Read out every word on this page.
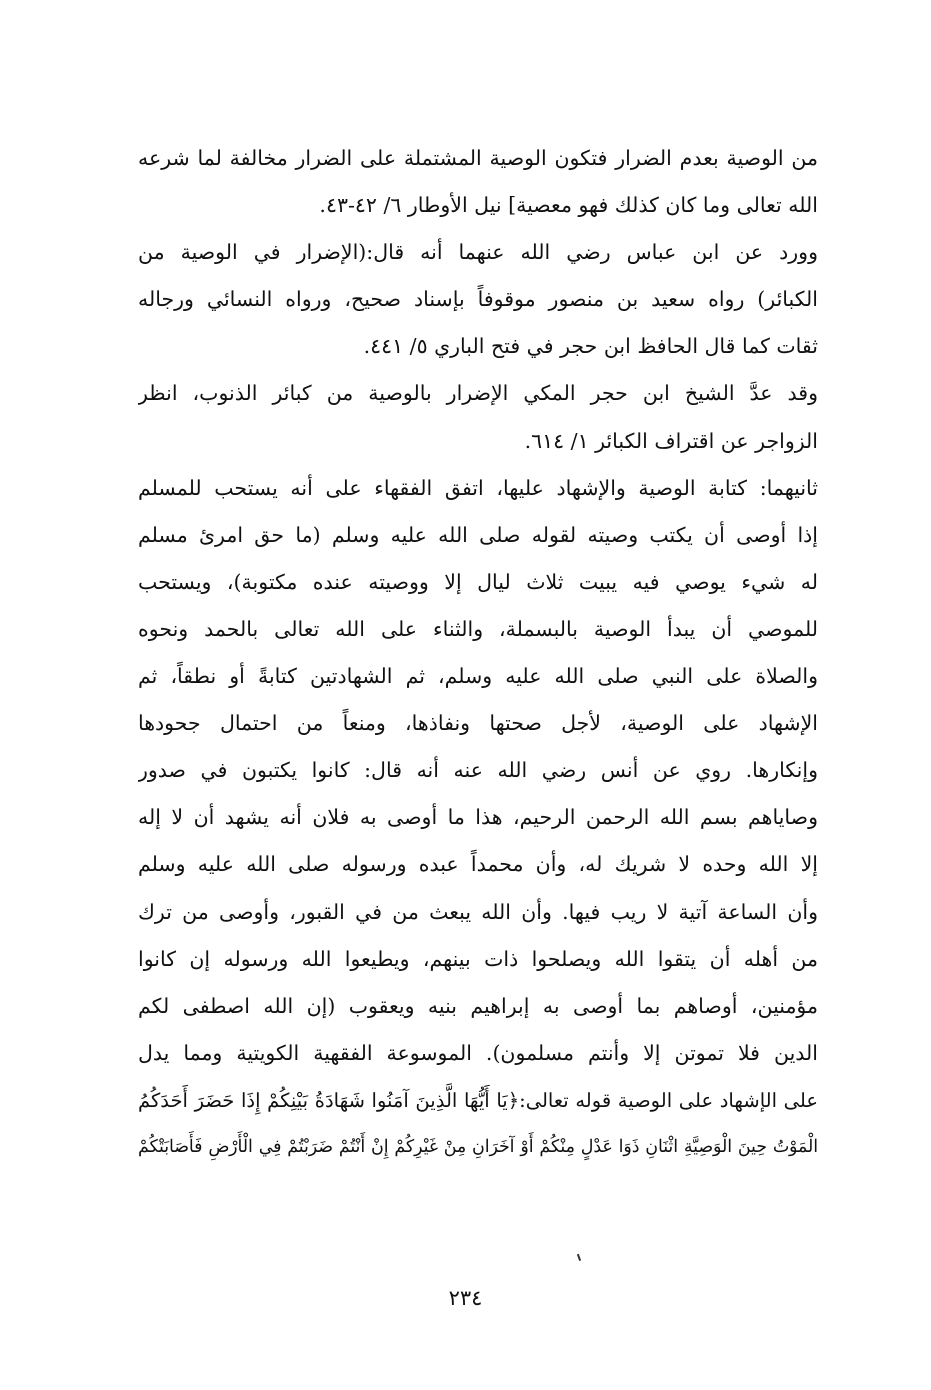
من الوصية بعدم الضرار فتكون الوصية المشتملة على الضرار مخالفة لما شرعه
الله تعالى وما كان كذلك فهو معصية] نيل الأوطار ٦/ ٤٢-٤٣.
وورد عن ابن عباس رضي الله عنهما أنه قال:(الإضرار في الوصية من
الكبائر) رواه سعيد بن منصور موقوفاً بإسناد صحيح، ورواه النسائي ورجاله
ثقات كما قال الحافظ ابن حجر في فتح الباري ٥/ ٤٤١.
وقد عدَّ الشيخ ابن حجر المكي الإضرار بالوصية من كبائر الذنوب، انظر
الزواجر عن اقتراف الكبائر ١/ ٦١٤.
ثانيهما: كتابة الوصية والإشهاد عليها، اتفق الفقهاء على أنه يستحب للمسلم
إذا أوصى أن يكتب وصيته لقوله صلى الله عليه وسلم (ما حق امرئ مسلم
له شيء يوصي فيه يبيت ثلاث ليال إلا ووصيته عنده مكتوبة)، ويستحب
للموصي أن يبدأ الوصية بالبسملة، والثناء على الله تعالى بالحمد ونحوه
والصلاة على النبي صلى الله عليه وسلم، ثم الشهادتين كتابةً أو نطقاً، ثم
الإشهاد على الوصية، لأجل صحتها ونفاذها، ومنعاً من احتمال جحودها
وإنكارها. روي عن أنس رضي الله عنه أنه قال: كانوا يكتبون في صدور
وصاياهم بسم الله الرحمن الرحيم، هذا ما أوصى به فلان أنه يشهد أن لا إله
إلا الله وحده لا شريك له، وأن محمداً عبده ورسوله صلى الله عليه وسلم
وأن الساعة آتية لا ريب فيها. وأن الله يبعث من في القبور، وأوصى من ترك
من أهله أن يتقوا الله ويصلحوا ذات بينهم، ويطيعوا الله ورسوله إن كانوا
مؤمنين، أوصاهم بما أوصى به إبراهيم بنيه ويعقوب (إن الله اصطفى لكم
الدين فلا تموتن إلا وأنتم مسلمون). الموسوعة الفقهية الكويتية ومما يدل
على الإشهاد على الوصية قوله تعالى:﴿يَا أَيُّهَا الَّذِينَ آمَنُوا شَهَادَةُ بَيْنِكُمْ إِذَا حَضَرَ أَحَدَكُمُ
الْمَوْتُ حِينَ الْوَصِيَّةِ اثْنَانِ ذَوَا عَدْلٍ مِنْكُمْ أَوْ آخَرَانِ مِنْ غَيْرِكُمْ إِنْ أَنْتُمْ ضَرَبْتُمْ فِي الْأَرْضِ فَأَصَابَتْكُمْ
٢٣٤
